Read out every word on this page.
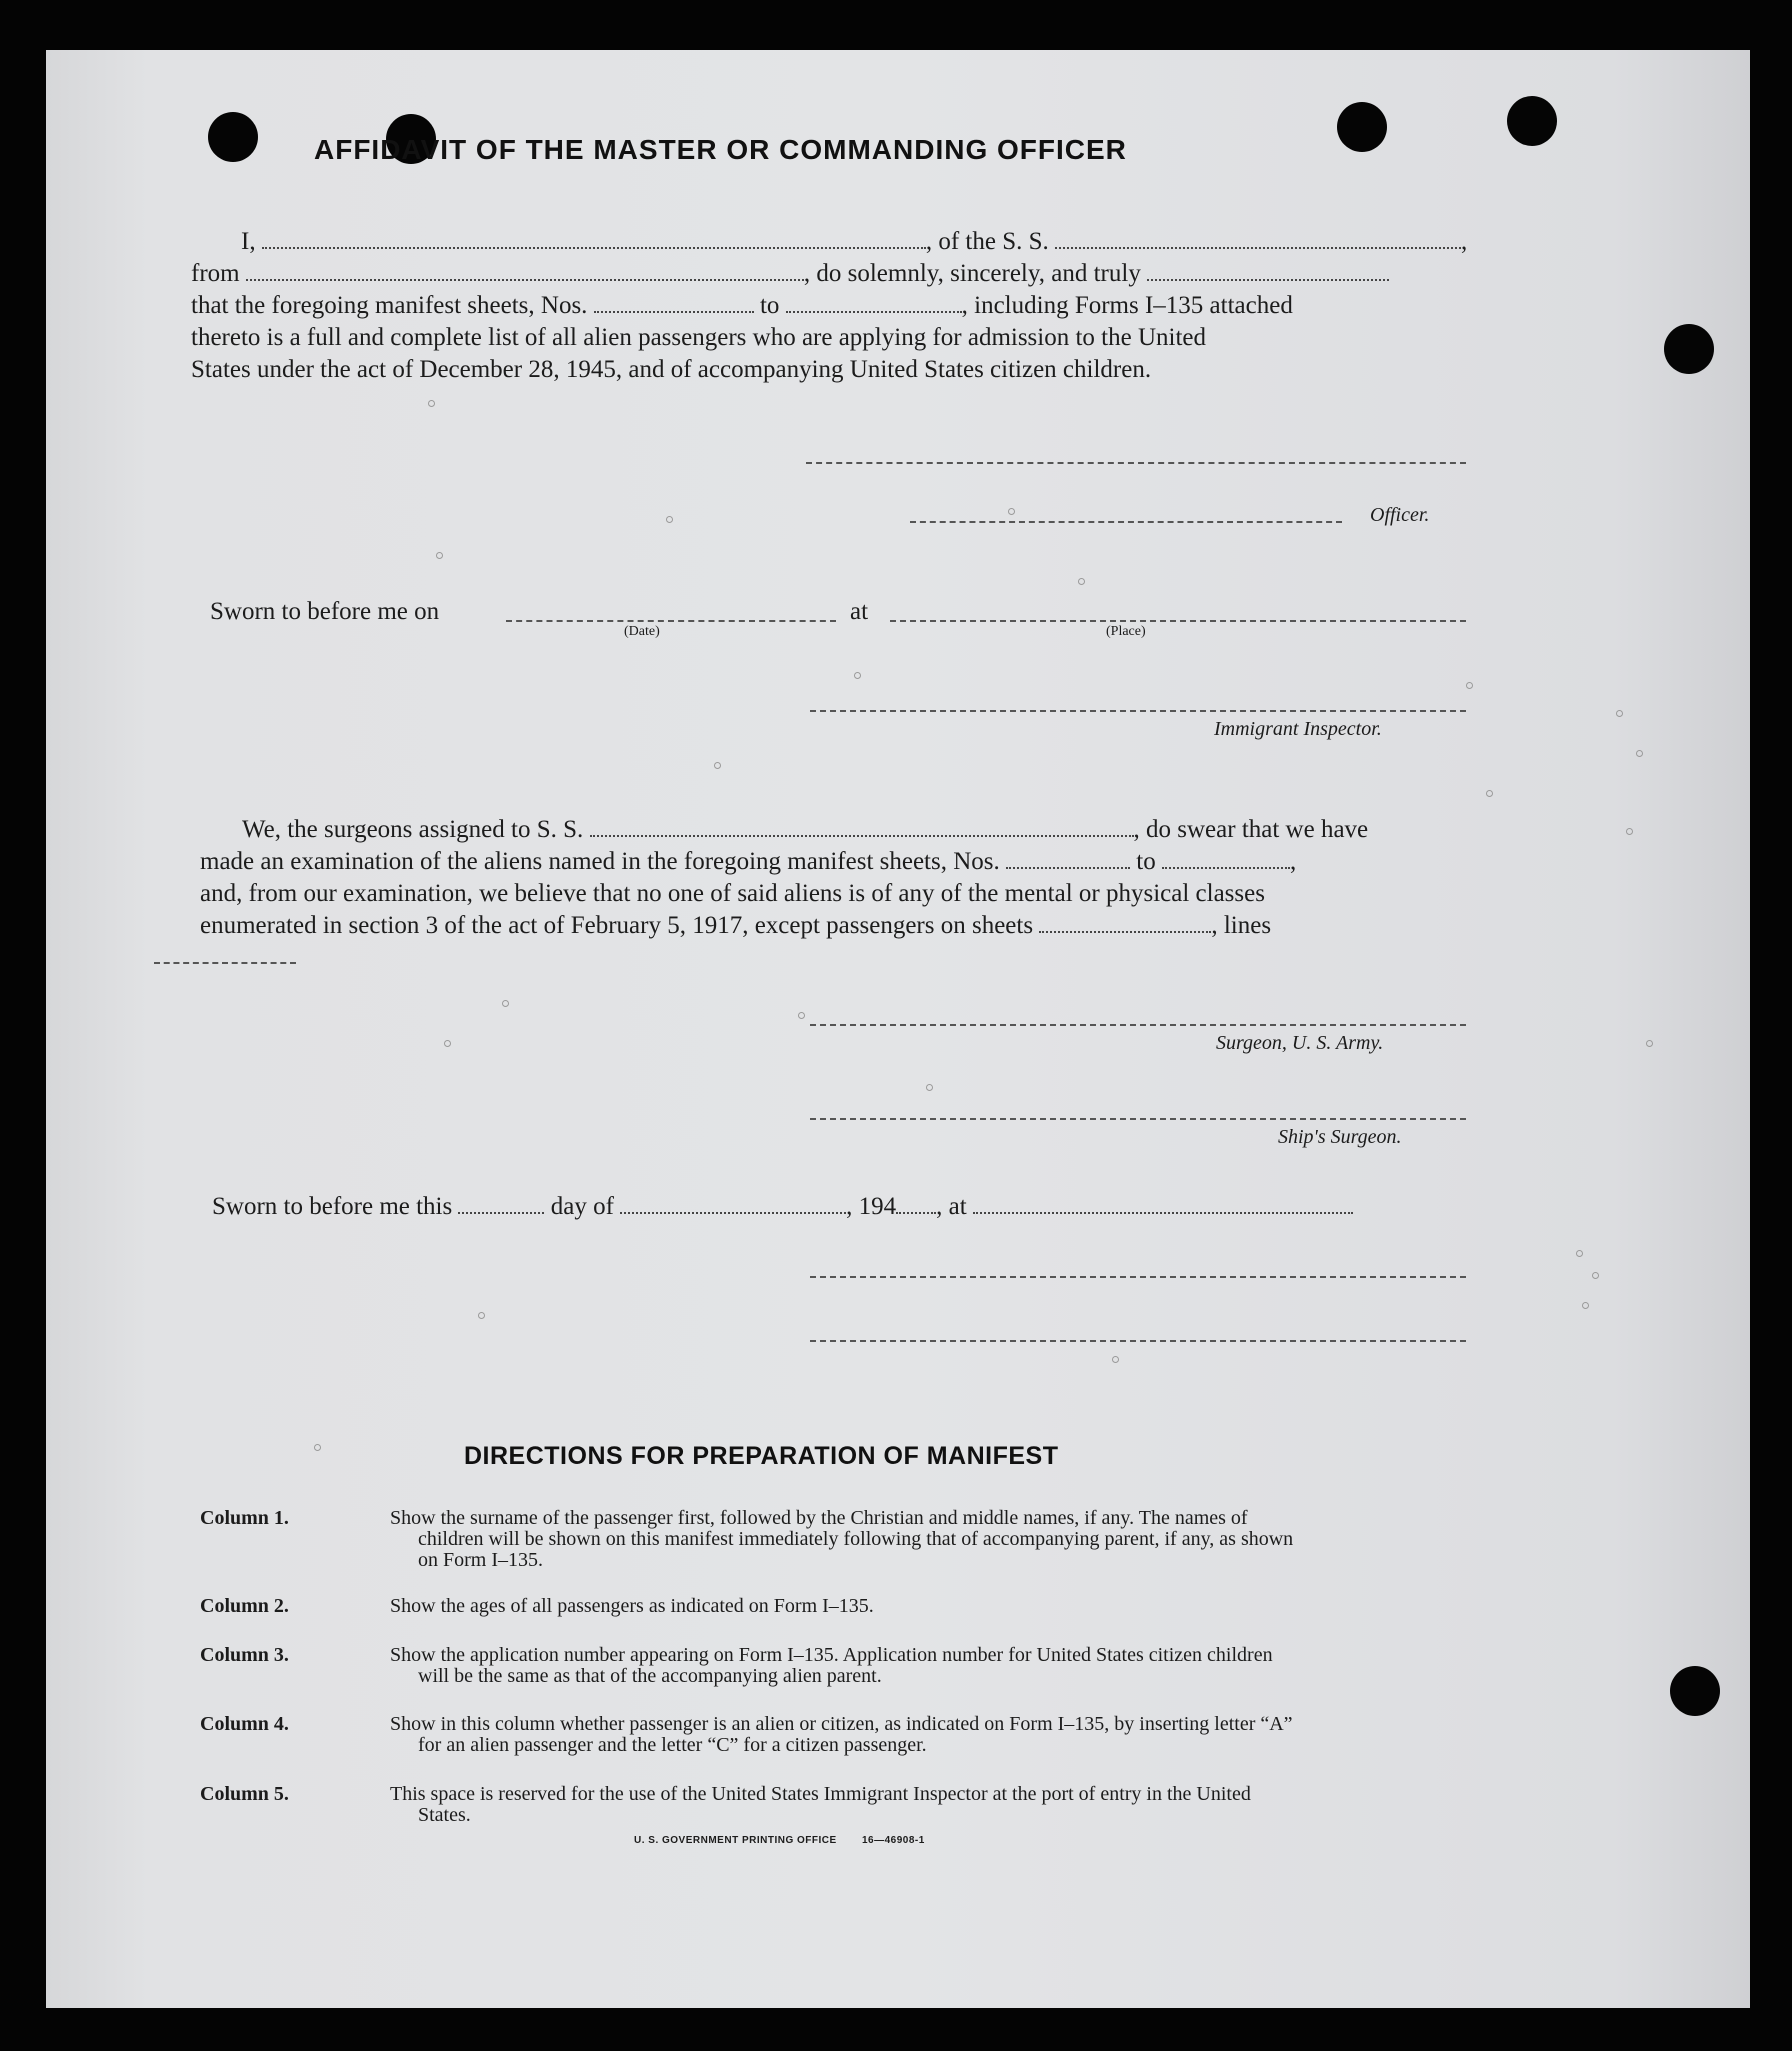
AFFIDAVIT OF THE MASTER OR COMMANDING OFFICER
I,	, of the S. S.	,
from	, do solemnly, sincerely, and truly
that the foregoing manifest sheets, Nos.	to	, including Forms I–135 attached
thereto is a full and complete list of all alien passengers who are applying for admission to the United
States under the act of December 28, 1945, and of accompanying United States citizen children.
Officer.
Sworn to before me on
(Date)
at
(Place)
Immigrant Inspector.
We, the surgeons assigned to S. S.	, do swear that we have
made an examination of the aliens named in the foregoing manifest sheets, Nos.	to	,
and, from our examination, we believe that no one of said aliens is of any of the mental or physical classes
enumerated in section 3 of the act of February 5, 1917, except passengers on sheets	, lines
Surgeon, U. S. Army.
Ship's Surgeon.
Sworn to before me this	day of	, 194 , at
DIRECTIONS FOR PREPARATION OF MANIFEST
Column 1.	Show the surname of the passenger first, followed by the Christian and middle names, if any. The names of
children will be shown on this manifest immediately following that of accompanying parent, if any, as shown
on Form I–135.
Column 2.	Show the ages of all passengers as indicated on Form I–135.
Column 3.	Show the application number appearing on Form I–135. Application number for United States citizen children
will be the same as that of the accompanying alien parent.
Column 4.	Show in this column whether passenger is an alien or citizen, as indicated on Form I–135, by inserting letter “A”
for an alien passenger and the letter “C” for a citizen passenger.
Column 5.	This space is reserved for the use of the United States Immigrant Inspector at the port of entry in the United
States.
U. S. GOVERNMENT PRINTING OFFICE	16—46908-1
